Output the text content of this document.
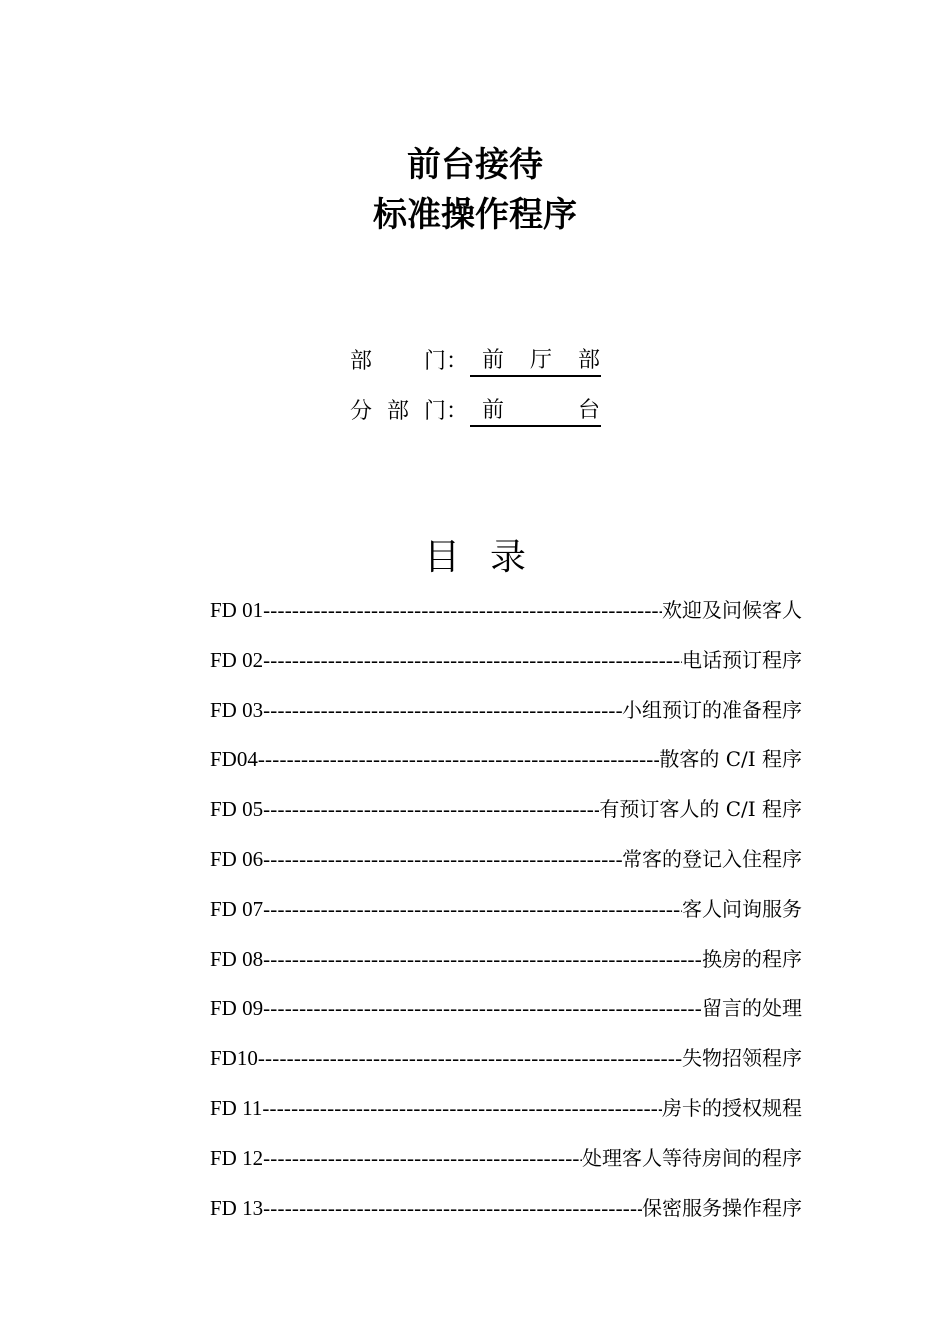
前台接待
标准操作程序
部 门： 前 厅 部
分 部 门： 前	台
目录
FD 01 -----	欢迎及问候客人
FD 02 -----	电话预订程序
FD 03 -----	小组预订的准备程序
FD04 -----	散客的 C/I 程序
FD 05 -----	有预订客人的 C/I 程序
FD 06 -----	常客的登记入住程序
FD 07 -----	客人问询服务
FD 08 -----	换房的程序
FD 09 -----	留言的处理
FD10 -----	失物招领程序
FD 11 -----	房卡的授权规程
FD 12 -----	处理客人等待房间的程序
FD 13 -----	保密服务操作程序
